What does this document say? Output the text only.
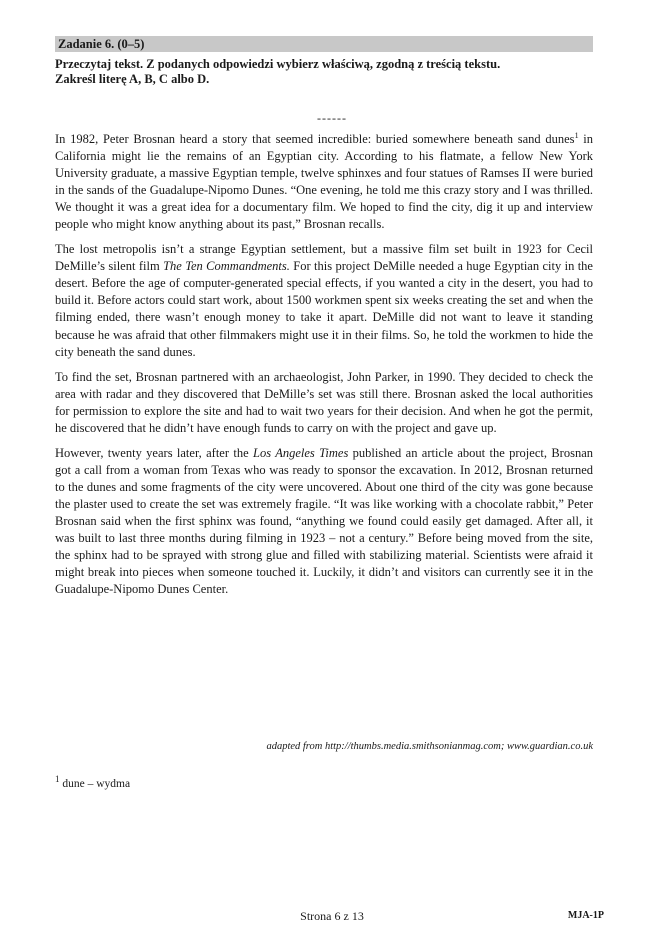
Zadanie 6. (0–5)
Przeczytaj tekst. Z podanych odpowiedzi wybierz właściwą, zgodną z treścią tekstu.
Zakreśl literę A, B, C albo D.
------

In 1982, Peter Brosnan heard a story that seemed incredible: buried somewhere beneath sand dunes$^1$ in California might lie the remains of an Egyptian city. According to his flatmate, a fellow New York University graduate, a massive Egyptian temple, twelve sphinxes and four statues of Ramses II were buried in the sands of the Guadalupe-Nipomo Dunes. “One evening, he told me this crazy story and I was thrilled. We thought it was a great idea for a documentary film. We hoped to find the city, dig it up and interview people who might know anything about its past,” Brosnan recalls.

The lost metropolis isn’t a strange Egyptian settlement, but a massive film set built in 1923 for Cecil DeMille’s silent film The Ten Commandments. For this project DeMille needed a huge Egyptian city in the desert. Before the age of computer-generated special effects, if you wanted a city in the desert, you had to build it. Before actors could start work, about 1500 workmen spent six weeks creating the set and when the filming ended, there wasn’t enough money to take it apart. DeMille did not want to leave it standing because he was afraid that other filmmakers might use it in their films. So, he told the workmen to hide the city beneath the sand dunes.

To find the set, Brosnan partnered with an archaeologist, John Parker, in 1990. They decided to check the area with radar and they discovered that DeMille’s set was still there. Brosnan asked the local authorities for permission to explore the site and had to wait two years for their decision. And when he got the permit, he discovered that he didn’t have enough funds to carry on with the project and gave up.

However, twenty years later, after the Los Angeles Times published an article about the project, Brosnan got a call from a woman from Texas who was ready to sponsor the excavation. In 2012, Brosnan returned to the dunes and some fragments of the city were uncovered. About one third of the city was gone because the plaster used to create the set was extremely fragile. “It was like working with a chocolate rabbit,” Peter Brosnan said when the first sphinx was found, “anything we found could easily get damaged. After all, it was built to last three months during filming in 1923 – not a century.” Before being moved from the site, the sphinx had to be sprayed with strong glue and filled with stabilizing material. Scientists were afraid it might break into pieces when someone touched it. Luckily, it didn’t and visitors can currently see it in the Guadalupe-Nipomo Dunes Center.

adapted from http://thumbs.media.smithsonianmag.com; www.guardian.co.uk
$^1$ dune – wydma
Strona 6 z 13	MJA-1P
